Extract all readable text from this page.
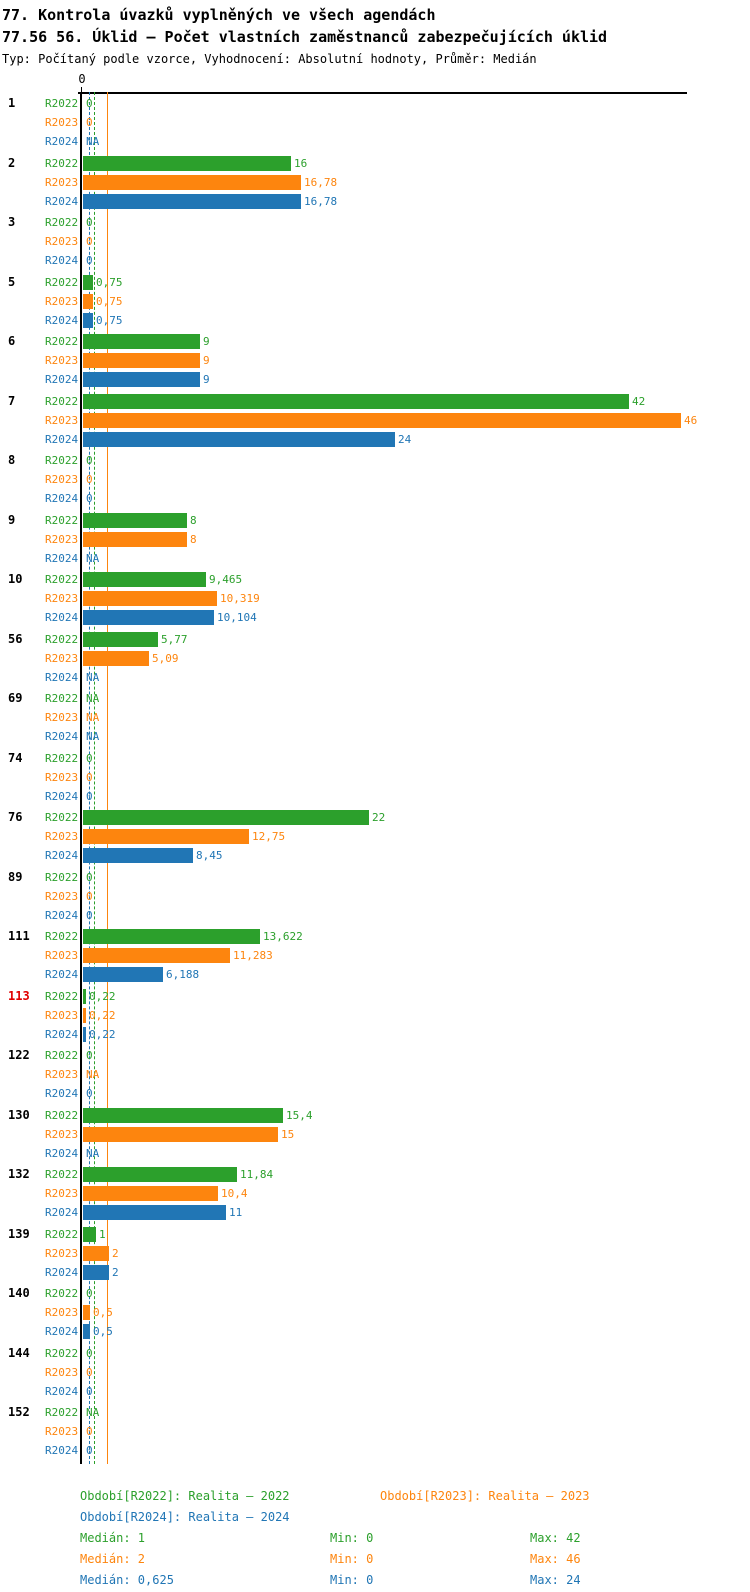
77. Kontrola úvazků vyplněných ve všech agendách
77.56 56. Úklid – Počet vlastních zaměstnanců zabezpečujících úklid
Typ: Počítaný podle vzorce, Vyhodnocení: Absolutní hodnoty, Průměr: Medián
0
1	R2022 0
R2023 0
R2024 NA
2	R2022	16
R2023	16,78
R2024	16,78
3	R2022 0
R2023 0
R2024 0
5	R2022 0,75
R2023 0,75
R2024 0,75
6	R2022	9
R2023	9
R2024	9
7	R2022	42
R2023	46
R2024	24
8	R2022 0
R2023 0
R2024 0
9	R2022	8
R2023	8
R2024 NA
10 R2022	9,465
R2023	10,319
R2024	10,104
56 R2022	5,77
R2023	5,09
R2024 NA
69 R2022 NA
R2023 NA
R2024 NA
74 R2022 0
R2023 0
R2024 0
76 R2022	22
R2023	12,75
R2024	8,45
89 R2022 0
R2023 0
R2024 0
111 R2022	13,622
R2023	11,283
R2024	6,188
113 R2022 0,22
R2023 0,22
R2024 0,22
122 R2022 0
R2023 NA
R2024 0
130 R2022	15,4
R2023	15
R2024 NA
132 R2022	11,84
R2023	10,4
R2024	11
139 R2022 1
R2023	2
R2024	2
140 R2022 0
R2023 0,5
R2024 0,5
144 R2022 0
R2023 0
R2024 0
152 R2022 NA
R2023 0
R2024 0
Období[R2022]: Realita – 2022	Období[R2023]: Realita – 2023
Období[R2024]: Realita – 2024
Medián: 1	Min: 0	Max: 42
Medián: 2	Min: 0	Max: 46
Medián: 0,625	Min: 0	Max: 24
